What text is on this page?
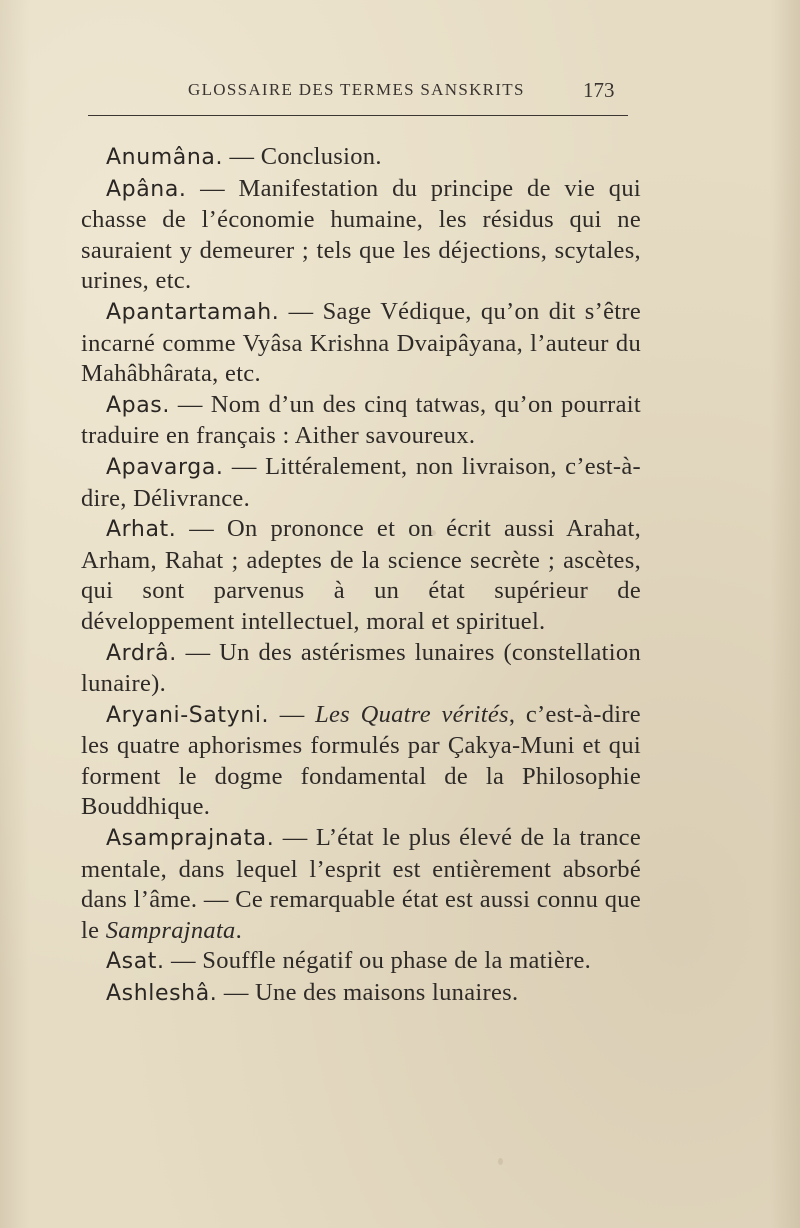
GLOSSAIRE DES TERMES SANSKRITS	173

Anumâna. — Conclusion.

Apâna. — Manifestation du principe de vie qui chasse de l’économie humaine, les résidus qui ne sauraient y demeurer ; tels que les déjections, scytales, urines, etc.

Apantartamah. — Sage Védique, qu’on dit s’être incarné comme Vyâsa Krishna Dvaipâyana, l’auteur du Mahâbhârata, etc.

Apas. — Nom d’un des cinq tatwas, qu’on pourrait traduire en français : Aither savoureux.

Apavarga. — Littéralement, non livraison, c’est-à-dire, Délivrance.

Arhat. — On prononce et on écrit aussi Arahat, Arham, Rahat ; adeptes de la science secrète ; ascètes, qui sont parvenus à un état supérieur de développement intellectuel, moral et spirituel.

Ardrâ. — Un des astérismes lunaires (constellation lunaire).

Aryani-Satyni. — Les Quatre vérités, c’est-à-dire les quatre aphorismes formulés par Çakya-Muni et qui forment le dogme fondamental de la Philosophie Bouddhique.

Asamprajnata. — L’état le plus élevé de la trance mentale, dans lequel l’esprit est entièrement absorbé dans l’âme. — Ce remarquable état est aussi connu que le Samprajnata.

Asat. — Souffle négatif ou phase de la matière.

Ashleshâ. — Une des maisons lunaires.
